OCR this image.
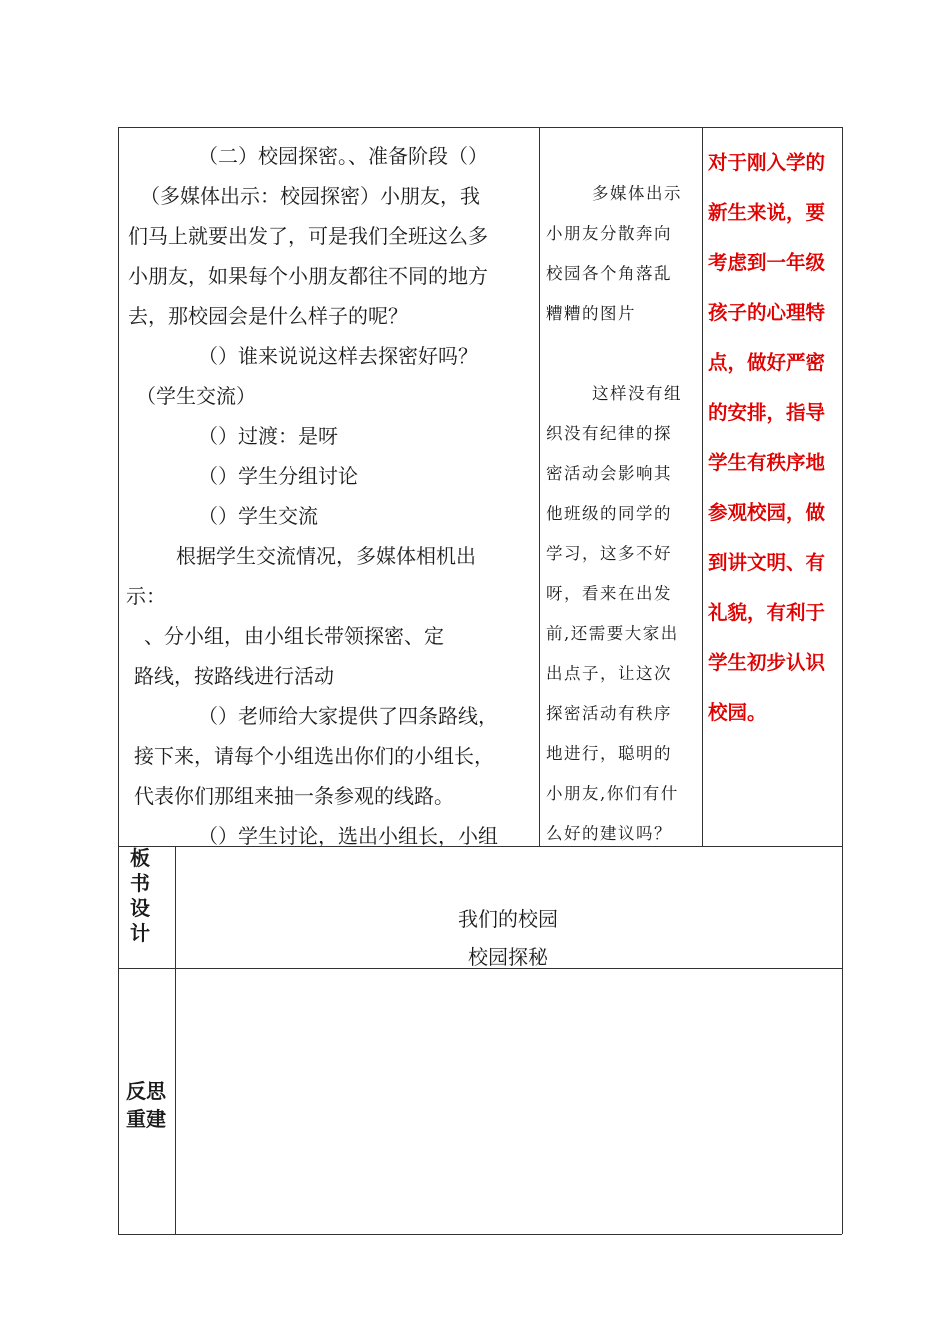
（二）校园探密。、准备阶段（）

（多媒体出示：校园探密）小朋友，我

们马上就要出发了，可是我们全班这么多

小朋友，如果每个小朋友都往不同的地方

去，那校园会是什么样子的呢？

（）谁来说说这样去探密好吗？

（学生交流）

（）过渡：是呀

（）学生分组讨论

（）学生交流

根据学生交流情况，多媒体相机出

示：

、分小组，由小组长带领探密、定

路线，按路线进行活动

（）老师给大家提供了四条路线，

接下来，请每个小组选出你们的小组长，

代表你们那组来抽一条参观的线路。

（）学生讨论，选出小组长，小组

多媒体出示

小朋友分散奔向

校园各个角落乱

糟糟的图片

这样没有组

织没有纪律的探

密活动会影响其

他班级的同学的

学习，这多不好

呀，看来在出发

前,还需要大家出

出点子，让这次

探密活动有秩序

地进行，聪明的

小朋友,你们有什

么好的建议吗？

对于刚入学的

新生来说，要

考虑到一年级

孩子的心理特

点，做好严密

的安排，指导

学生有秩序地

参观校园，做

到讲文明、有

礼貌，有利于

学生初步认识

校园。

板
书
设
计
我们的校园
校园探秘
反思
重建
